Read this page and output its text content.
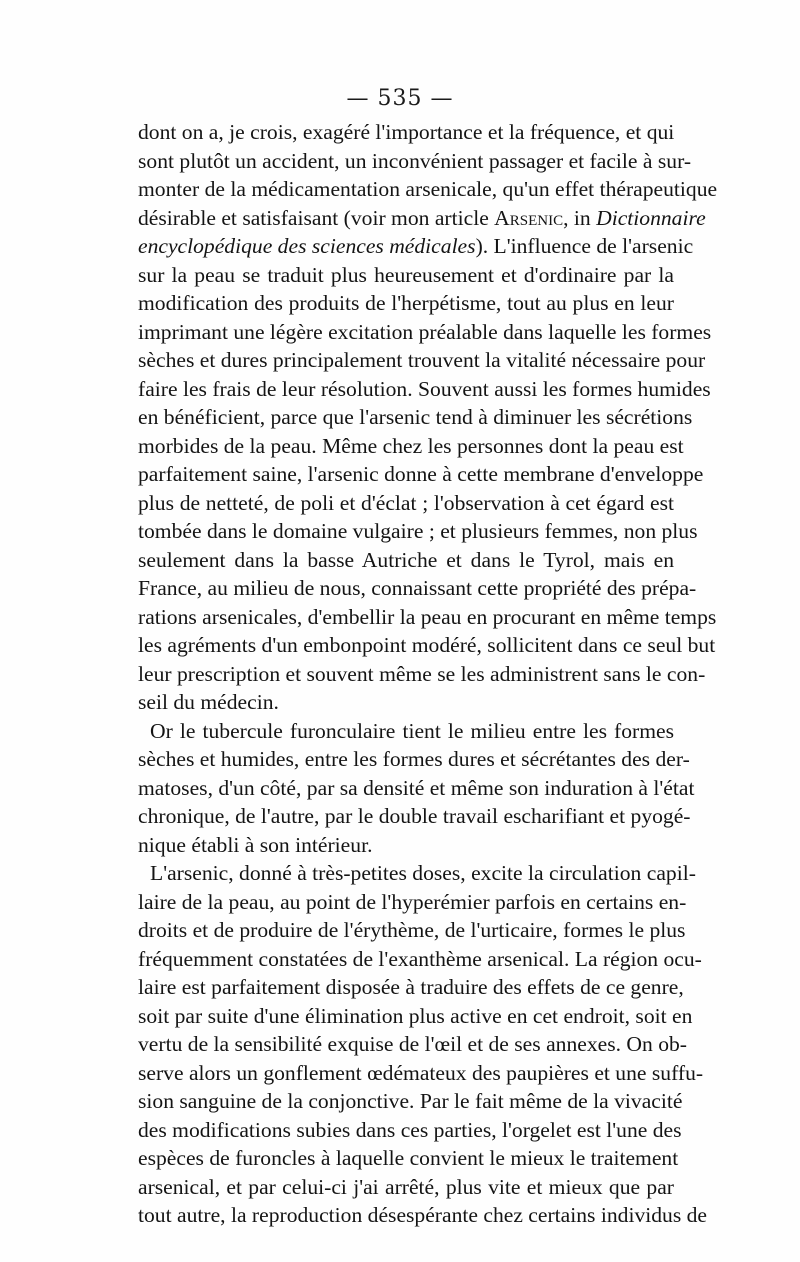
— 535 —
dont on a, je crois, exagéré l'importance et la fréquence, et qui
sont plutôt un accident, un inconvénient passager et facile à sur-
monter de la médicamentation arsenicale, qu'un effet thérapeutique
désirable et satisfaisant (voir mon article Arsenic, in Dictionnaire
encyclopédique des sciences médicales). L'influence de l'arsenic
sur la peau se traduit plus heureusement et d'ordinaire par la
modification des produits de l'herpétisme, tout au plus en leur
imprimant une légère excitation préalable dans laquelle les formes
sèches et dures principalement trouvent la vitalité nécessaire pour
faire les frais de leur résolution. Souvent aussi les formes humides
en bénéficient, parce que l'arsenic tend à diminuer les sécrétions
morbides de la peau. Même chez les personnes dont la peau est
parfaitement saine, l'arsenic donne à cette membrane d'enveloppe
plus de netteté, de poli et d'éclat ; l'observation à cet égard est
tombée dans le domaine vulgaire ; et plusieurs femmes, non plus
seulement dans la basse Autriche et dans le Tyrol, mais en
France, au milieu de nous, connaissant cette propriété des prépa-
rations arsenicales, d'embellir la peau en procurant en même temps
les agréments d'un embonpoint modéré, sollicitent dans ce seul but
leur prescription et souvent même se les administrent sans le con-
seil du médecin.
Or le tubercule furonculaire tient le milieu entre les formes
sèches et humides, entre les formes dures et sécrétantes des der-
matoses, d'un côté, par sa densité et même son induration à l'état
chronique, de l'autre, par le double travail escharifiant et pyogé-
nique établi à son intérieur.
L'arsenic, donné à très-petites doses, excite la circulation capil-
laire de la peau, au point de l'hyperémier parfois en certains en-
droits et de produire de l'érythème, de l'urticaire, formes le plus
fréquemment constatées de l'exanthème arsenical. La région ocu-
laire est parfaitement disposée à traduire des effets de ce genre,
soit par suite d'une élimination plus active en cet endroit, soit en
vertu de la sensibilité exquise de l'œil et de ses annexes. On ob-
serve alors un gonflement œdémateux des paupières et une suffu-
sion sanguine de la conjonctive. Par le fait même de la vivacité
des modifications subies dans ces parties, l'orgelet est l'une des
espèces de furoncles à laquelle convient le mieux le traitement
arsenical, et par celui-ci j'ai arrêté, plus vite et mieux que par
tout autre, la reproduction désespérante chez certains individus de
